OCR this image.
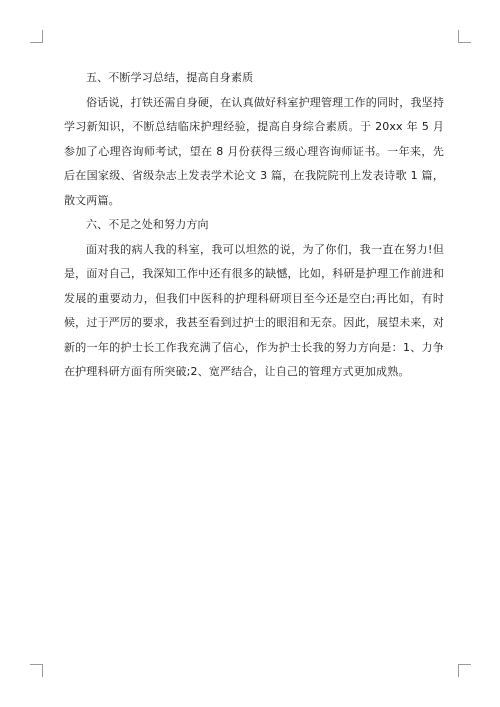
五、不断学习总结，提高自身素质

俗话说，打铁还需自身硬，在认真做好科室护理管理工作的同时，我坚持学习新知识，不断总结临床护理经验，提高自身综合素质。于 20xx 年 5 月参加了心理咨询师考试，望在 8 月份获得三级心理咨询师证书。一年来，先后在国家级、省级杂志上发表学术论文 3 篇，在我院院刊上发表诗歌 1 篇，散文两篇。

六、不足之处和努力方向

面对我的病人我的科室，我可以坦然的说，为了你们，我一直在努力!但是，面对自己，我深知工作中还有很多的缺憾，比如，科研是护理工作前进和发展的重要动力，但我们中医科的护理科研项目至今还是空白;再比如，有时候，过于严厉的要求，我甚至看到过护士的眼泪和无奈。因此，展望未来，对新的一年的护士长工作我充满了信心，作为护士长我的努力方向是：1、力争在护理科研方面有所突破;2、宽严结合，让自己的管理方式更加成熟。
